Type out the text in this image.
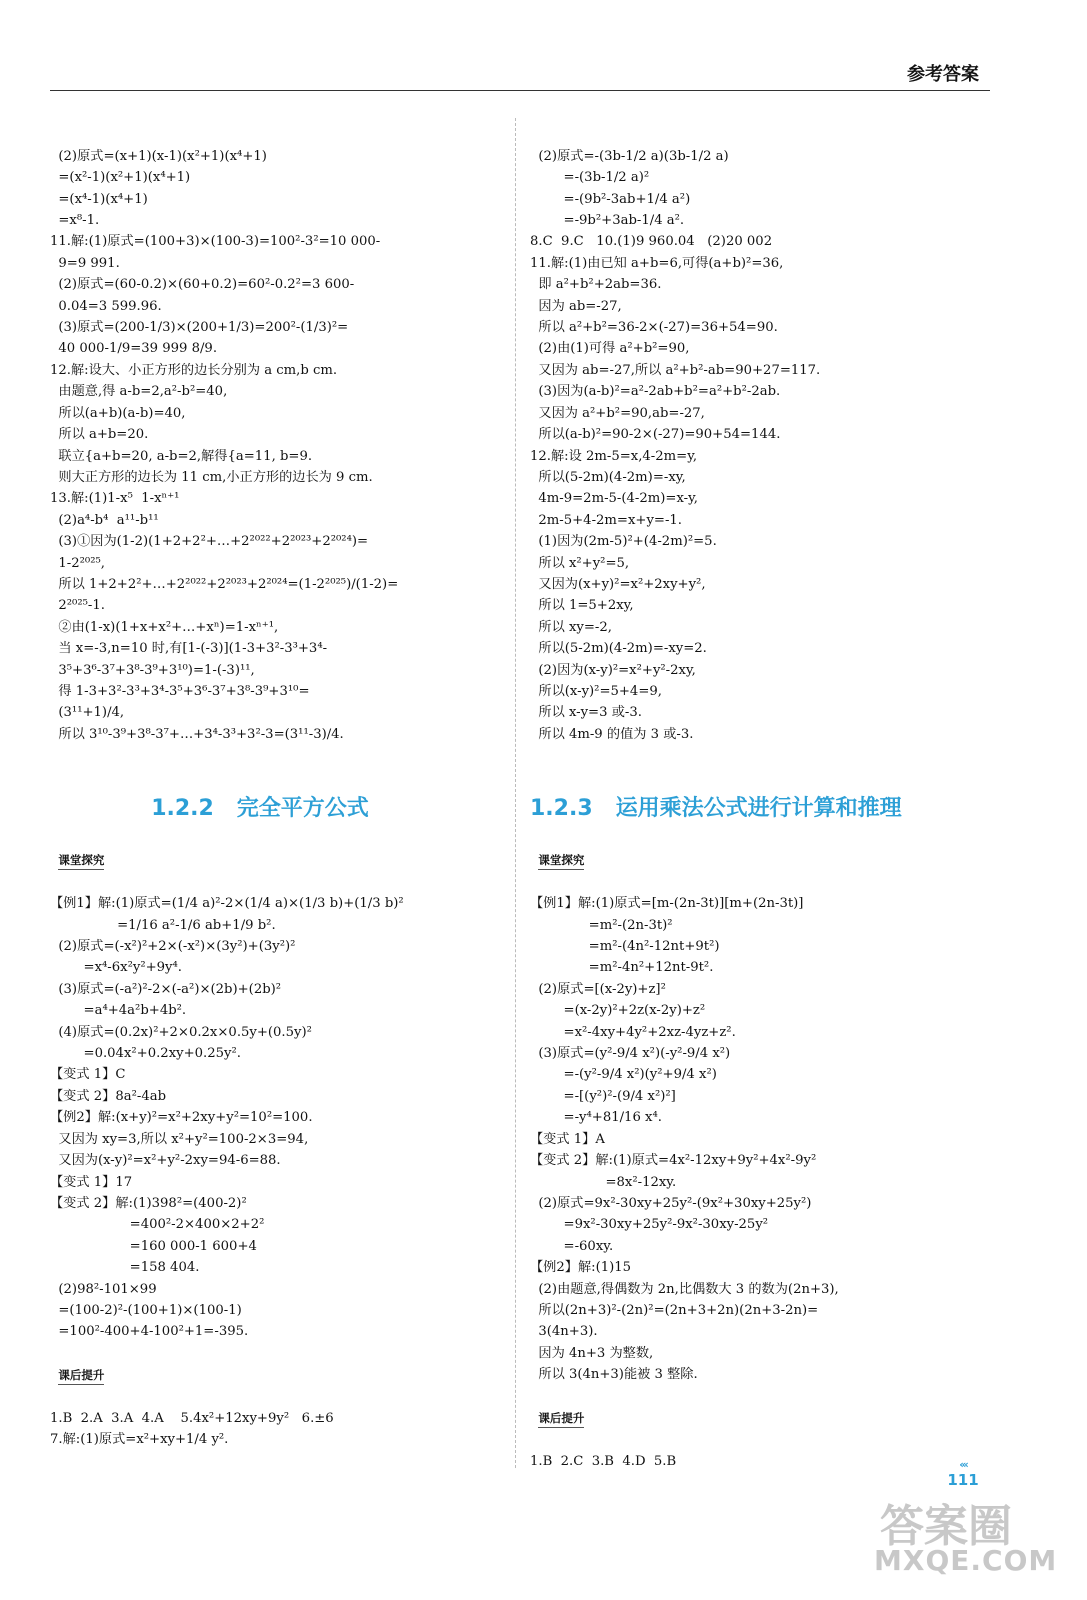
参考答案

(2)原式=(x+1)(x-1)(x²+1)(x⁴+1)
=(x²-1)(x²+1)(x⁴+1)
=(x⁴-1)(x⁴+1)
=x⁸-1.
11.解:(1)原式=(100+3)×(100-3)=100²-3²=10 000-
9=9 991.
(2)原式=(60-0.2)×(60+0.2)=60²-0.2²=3 600-
0.04=3 599.96.
(3)原式=(200-1/3)×(200+1/3)=200²-(1/3)²=
40 000-1/9=39 999 8/9.
12.解:设大、小正方形的边长分别为 a cm,b cm.
由题意,得 a-b=2,a²-b²=40,
所以(a+b)(a-b)=40,
所以 a+b=20.
联立{a+b=20, a-b=2,解得{a=11, b=9.
则大正方形的边长为 11 cm,小正方形的边长为 9 cm.
13.解:(1)1-x⁵  1-xⁿ⁺¹
(2)a⁴-b⁴  a¹¹-b¹¹
(3)①因为(1-2)(1+2+2²+…+2²⁰²²+2²⁰²³+2²⁰²⁴)=
1-2²⁰²⁵,
所以 1+2+2²+…+2²⁰²²+2²⁰²³+2²⁰²⁴=(1-2²⁰²⁵)/(1-2)=
2²⁰²⁵-1.
②由(1-x)(1+x+x²+…+xⁿ)=1-xⁿ⁺¹,
当 x=-3,n=10 时,有[1-(-3)](1-3+3²-3³+3⁴-
3⁵+3⁶-3⁷+3⁸-3⁹+3¹⁰)=1-(-3)¹¹,
得 1-3+3²-3³+3⁴-3⁵+3⁶-3⁷+3⁸-3⁹+3¹⁰=
(3¹¹+1)/4,
所以 3¹⁰-3⁹+3⁸-3⁷+…+3⁴-3³+3²-3=(3¹¹-3)/4.

1.2.2   完全平方公式

课堂探究

【例1】解:(1)原式=(1/4 a)²-2×(1/4 a)×(1/3 b)+(1/3 b)²
=1/16 a²-1/6 ab+1/9 b².
(2)原式=(-x²)²+2×(-x²)×(3y²)+(3y²)²
=x⁴-6x²y²+9y⁴.
(3)原式=(-a²)²-2×(-a²)×(2b)+(2b)²
=a⁴+4a²b+4b².
(4)原式=(0.2x)²+2×0.2x×0.5y+(0.5y)²
=0.04x²+0.2xy+0.25y².
【变式 1】C
【变式 2】8a²-4ab
【例2】解:(x+y)²=x²+2xy+y²=10²=100.
又因为 xy=3,所以 x²+y²=100-2×3=94,
又因为(x-y)²=x²+y²-2xy=94-6=88.
【变式 1】17
【变式 2】解:(1)398²=(400-2)²
=400²-2×400×2+2²
=160 000-1 600+4
=158 404.
(2)98²-101×99
=(100-2)²-(100+1)×(100-1)
=100²-400+4-100²+1=-395.

课后提升

1.B  2.A  3.A  4.A    5.4x²+12xy+9y²   6.±6
7.解:(1)原式=x²+xy+1/4 y².

(2)原式=-(3b-1/2 a)(3b-1/2 a)
=-(3b-1/2 a)²
=-(9b²-3ab+1/4 a²)
=-9b²+3ab-1/4 a².
8.C  9.C   10.(1)9 960.04   (2)20 002
11.解:(1)由已知 a+b=6,可得(a+b)²=36,
即 a²+b²+2ab=36.
因为 ab=-27,
所以 a²+b²=36-2×(-27)=36+54=90.
(2)由(1)可得 a²+b²=90,
又因为 ab=-27,所以 a²+b²-ab=90+27=117.
(3)因为(a-b)²=a²-2ab+b²=a²+b²-2ab.
又因为 a²+b²=90,ab=-27,
所以(a-b)²=90-2×(-27)=90+54=144.
12.解:设 2m-5=x,4-2m=y,
所以(5-2m)(4-2m)=-xy,
4m-9=2m-5-(4-2m)=x-y,
2m-5+4-2m=x+y=-1.
(1)因为(2m-5)²+(4-2m)²=5.
所以 x²+y²=5,
又因为(x+y)²=x²+2xy+y²,
所以 1=5+2xy,
所以 xy=-2,
所以(5-2m)(4-2m)=-xy=2.
(2)因为(x-y)²=x²+y²-2xy,
所以(x-y)²=5+4=9,
所以 x-y=3 或-3.
所以 4m-9 的值为 3 或-3.

1.2.3   运用乘法公式进行计算和推理

课堂探究

【例1】解:(1)原式=[m-(2n-3t)][m+(2n-3t)]
=m²-(2n-3t)²
=m²-(4n²-12nt+9t²)
=m²-4n²+12nt-9t².
(2)原式=[(x-2y)+z]²
=(x-2y)²+2z(x-2y)+z²
=x²-4xy+4y²+2xz-4yz+z².
(3)原式=(y²-9/4 x²)(-y²-9/4 x²)
=-(y²-9/4 x²)(y²+9/4 x²)
=-[(y²)²-(9/4 x²)²]
=-y⁴+81/16 x⁴.
【变式 1】A
【变式 2】解:(1)原式=4x²-12xy+9y²+4x²-9y²
=8x²-12xy.
(2)原式=9x²-30xy+25y²-(9x²+30xy+25y²)
=9x²-30xy+25y²-9x²-30xy-25y²
=-60xy.
【例2】解:(1)15
(2)由题意,得偶数为 2n,比偶数大 3 的数为(2n+3),
所以(2n+3)²-(2n)²=(2n+3+2n)(2n+3-2n)=
3(4n+3).
因为 4n+3 为整数,
所以 3(4n+3)能被 3 整除.

课后提升

1.B  2.C  3.B  4.D  5.B	‹‹‹
111
答案圈
MXQE.COM
